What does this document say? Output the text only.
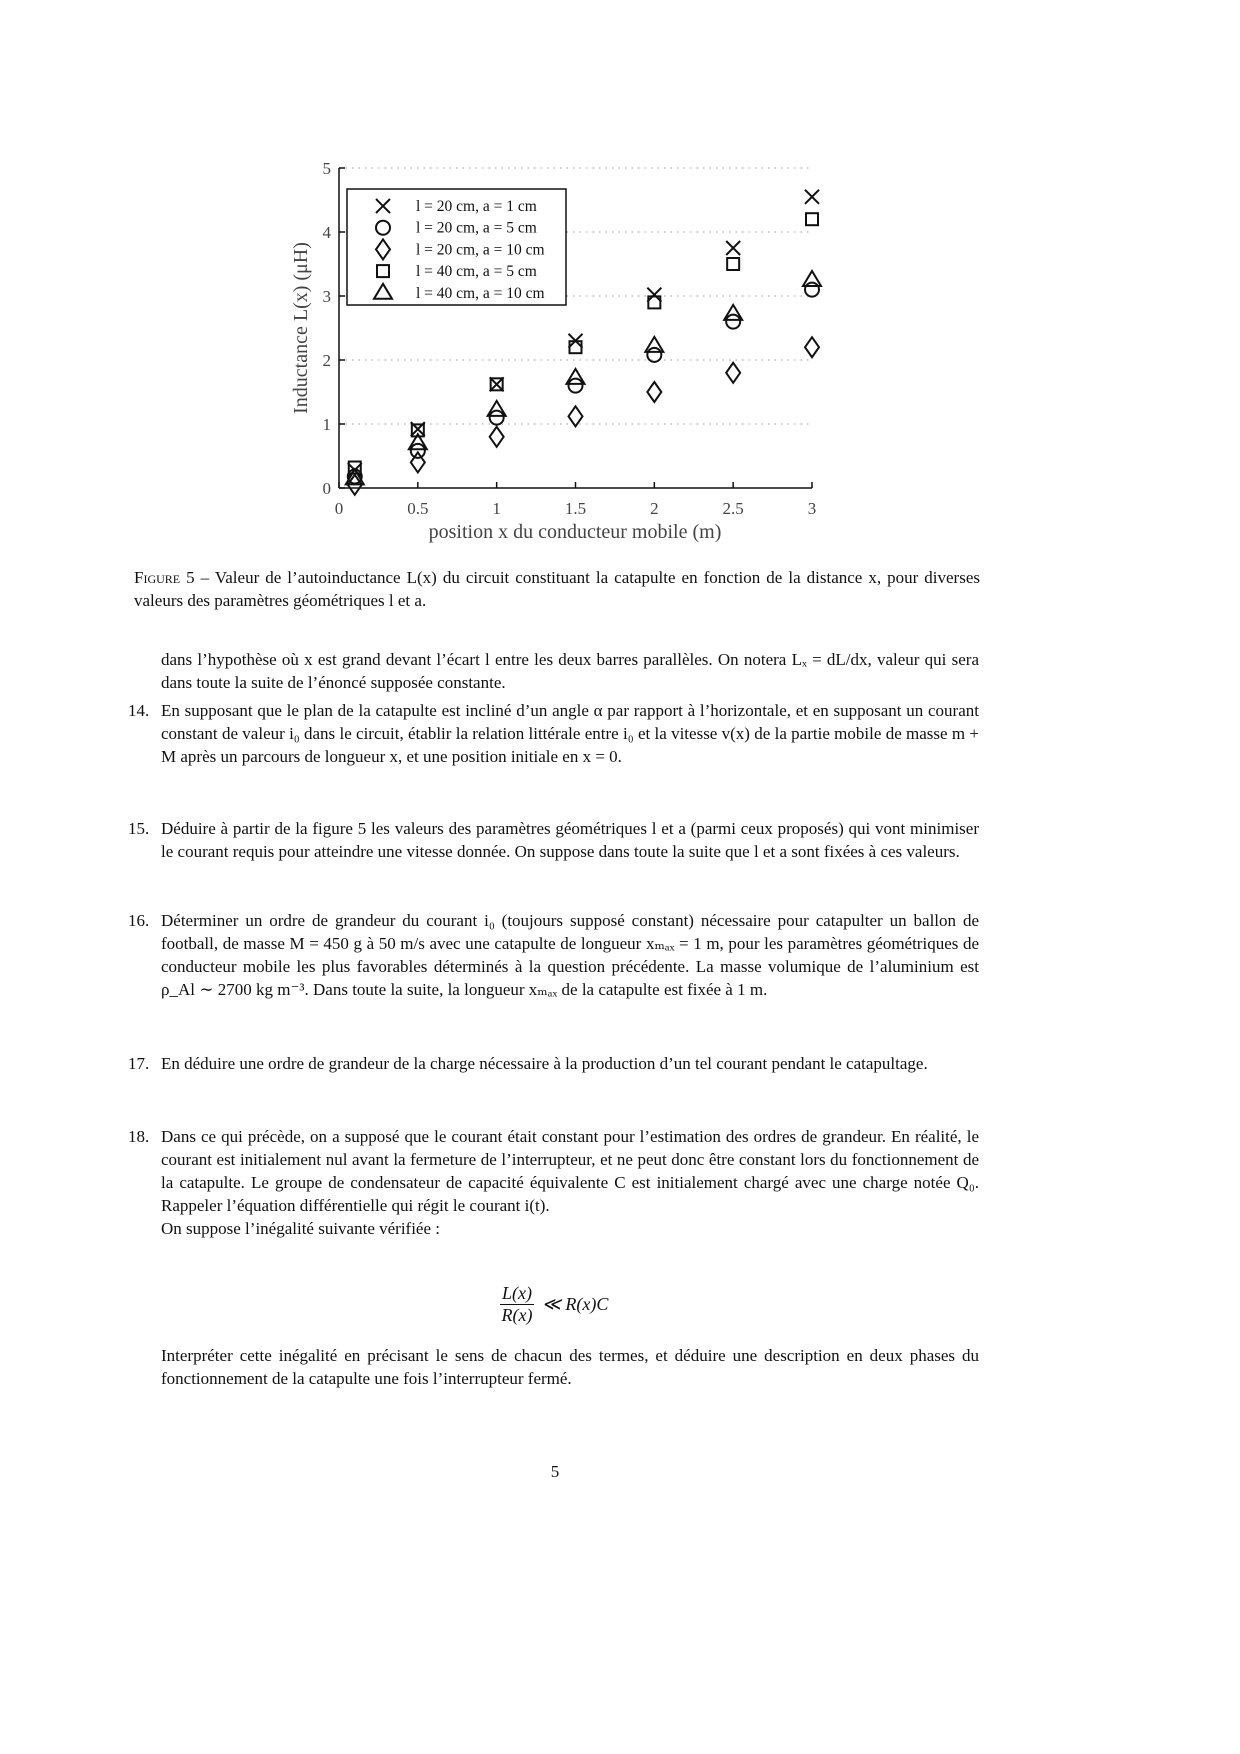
0
1
2
3
4
5
0	0.5	1	1.5	2	2.5	3
l = 20 cm, a = 1 cm
l = 20 cm, a = 5 cm
l = 20 cm, a = 10 cm
l = 40 cm, a = 5 cm
l = 40 cm, a = 10 cm
position x du conducteur mobile (m)
Inductance L(x) (μH)
Figure 5 – Valeur de l’autoinductance L(x) du circuit constituant la catapulte en fonction de la distance x, pour diverses valeurs des paramètres géométriques l et a.
dans l’hypothèse où x est grand devant l’écart l entre les deux barres parallèles. On notera Lₓ = dL/dx, valeur qui sera dans toute la suite de l’énoncé supposée constante.
14. En supposant que le plan de la catapulte est incliné d’un angle α par rapport à l’horizontale, et en supposant un courant constant de valeur i₀ dans le circuit, établir la relation littérale entre i₀ et la vitesse v(x) de la partie mobile de masse m + M après un parcours de longueur x, et une position initiale en x = 0.
15. Déduire à partir de la figure 5 les valeurs des paramètres géométriques l et a (parmi ceux proposés) qui vont minimiser le courant requis pour atteindre une vitesse donnée. On suppose dans toute la suite que l et a sont fixées à ces valeurs.
16. Déterminer un ordre de grandeur du courant i₀ (toujours supposé constant) nécessaire pour catapulter un ballon de football, de masse M = 450 g à 50 m/s avec une catapulte de longueur xₘₐₓ = 1 m, pour les paramètres géométriques de conducteur mobile les plus favorables déterminés à la question précédente. La masse volumique de l’aluminium est ρ_Al ∼ 2700 kg m⁻³. Dans toute la suite, la longueur xₘₐₓ de la catapulte est fixée à 1 m.
17. En déduire une ordre de grandeur de la charge nécessaire à la production d’un tel courant pendant le catapultage.
18. Dans ce qui précède, on a supposé que le courant était constant pour l’estimation des ordres de grandeur. En réalité, le courant est initialement nul avant la fermeture de l’interrupteur, et ne peut donc être constant lors du fonctionnement de la catapulte. Le groupe de condensateur de capacité équivalente C est initialement chargé avec une charge notée Q₀. Rappeler l’équation différentielle qui régit le courant i(t).
On suppose l’inégalité suivante vérifiée :
$\frac{L(x)}{R(x)}$ ≪ R(x)C
Interpréter cette inégalité en précisant le sens de chacun des termes, et déduire une description en deux phases du fonctionnement de la catapulte une fois l’interrupteur fermé.
5
